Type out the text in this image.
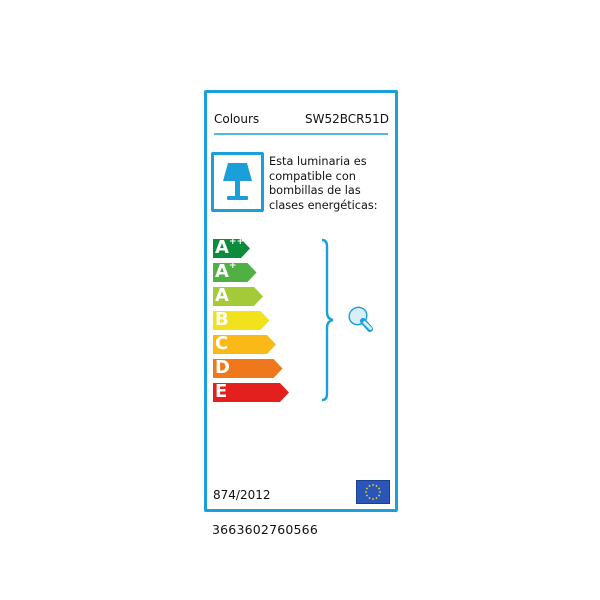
Colours	SW52BCR51D

Esta luminaria es
compatible con
bombillas de las
clases energéticas:

A ++
A +
A
B
C
D
E
874/2012
3663602760566
